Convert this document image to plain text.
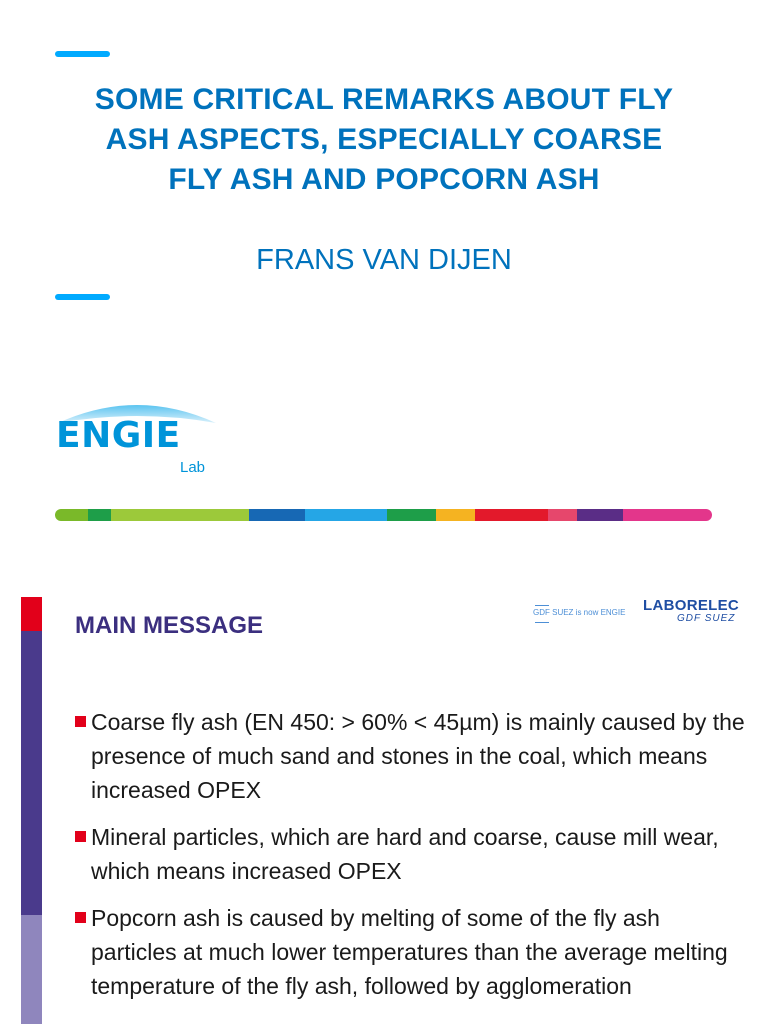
SOME CRITICAL REMARKS ABOUT FLY
ASH ASPECTS, ESPECIALLY COARSE
FLY ASH AND POPCORN ASH

FRANS VAN DIJEN

ENGIE
Lab
MAIN MESSAGE	GDF SUEZ is now ENGIE LABORELEC
GDF SUEZ
Coarse fly ash (EN 450: > 60% < 45µm) is mainly caused by the presence of much sand and stones in the coal, which means increased OPEX
Mineral particles, which are hard and coarse, cause mill wear, which means increased OPEX
Popcorn ash is caused by melting of some of the fly ash particles at much lower temperatures than the average melting temperature of the fly ash, followed by agglomeration
